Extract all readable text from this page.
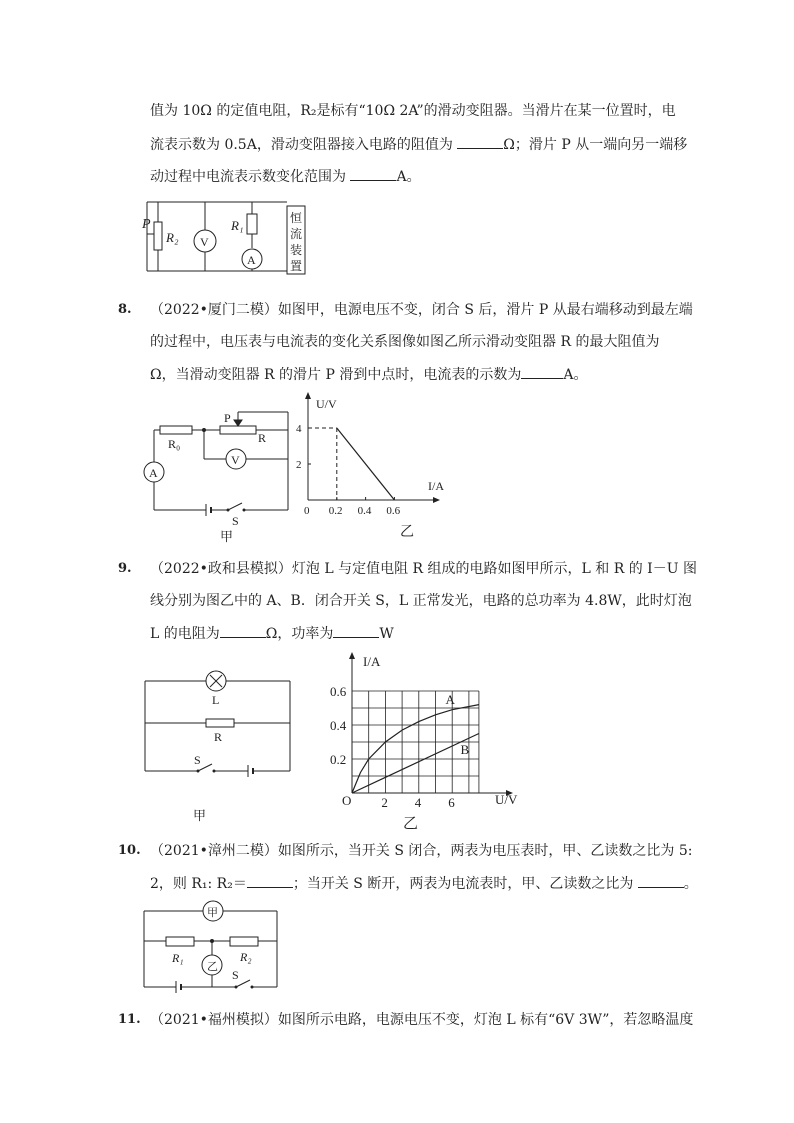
值为 10Ω 的定值电阻，R₂是标有“10Ω 2A”的滑动变阻器。当滑片在某一位置时，电
流表示数为 0.5A，滑动变阻器接入电路的阻值为	Ω；滑片 P 从一端向另一端移
动过程中电流表示数变化范围为	A。
P
R₂ V
R₁
A
恒
流
装
置
8. （2022•厦门二模）如图甲，电源电压不变，闭合 S 后，滑片 P 从最右端移动到最左端
的过程中，电压表与电流表的变化关系图像如图乙所示滑动变阻器 R 的最大阻值为
Ω，当滑动变阻器 R 的滑片 P 滑到中点时，电流表的示数为	A。
R₀
P
R
V
A
S
甲
U/V
I/A
0
乙
0.2 0.4 0.6
2
4
9. （2022•政和县模拟）灯泡 L 与定值电阻 R 组成的电路如图甲所示，L 和 R 的 I－U 图
线分别为图乙中的 A、B．闭合开关 S，L 正常发光，电路的总功率为 4.8W，此时灯泡
L 的电阻为	Ω，功率为	W
L
R
S
甲
I/A
U/V
O
乙
2 4 6
0.2
0.4
0.6
A
B
10. （2021•漳州二模）如图所示，当开关 S 闭合，两表为电压表时，甲、乙读数之比为 5:
2，则 R₁: R₂＝	；当开关 S 断开，两表为电流表时，甲、乙读数之比为	。
甲
乙
R₁	R₂
S
11. （2021•福州模拟）如图所示电路，电源电压不变，灯泡 L 标有“6V 3W”，若忽略温度
